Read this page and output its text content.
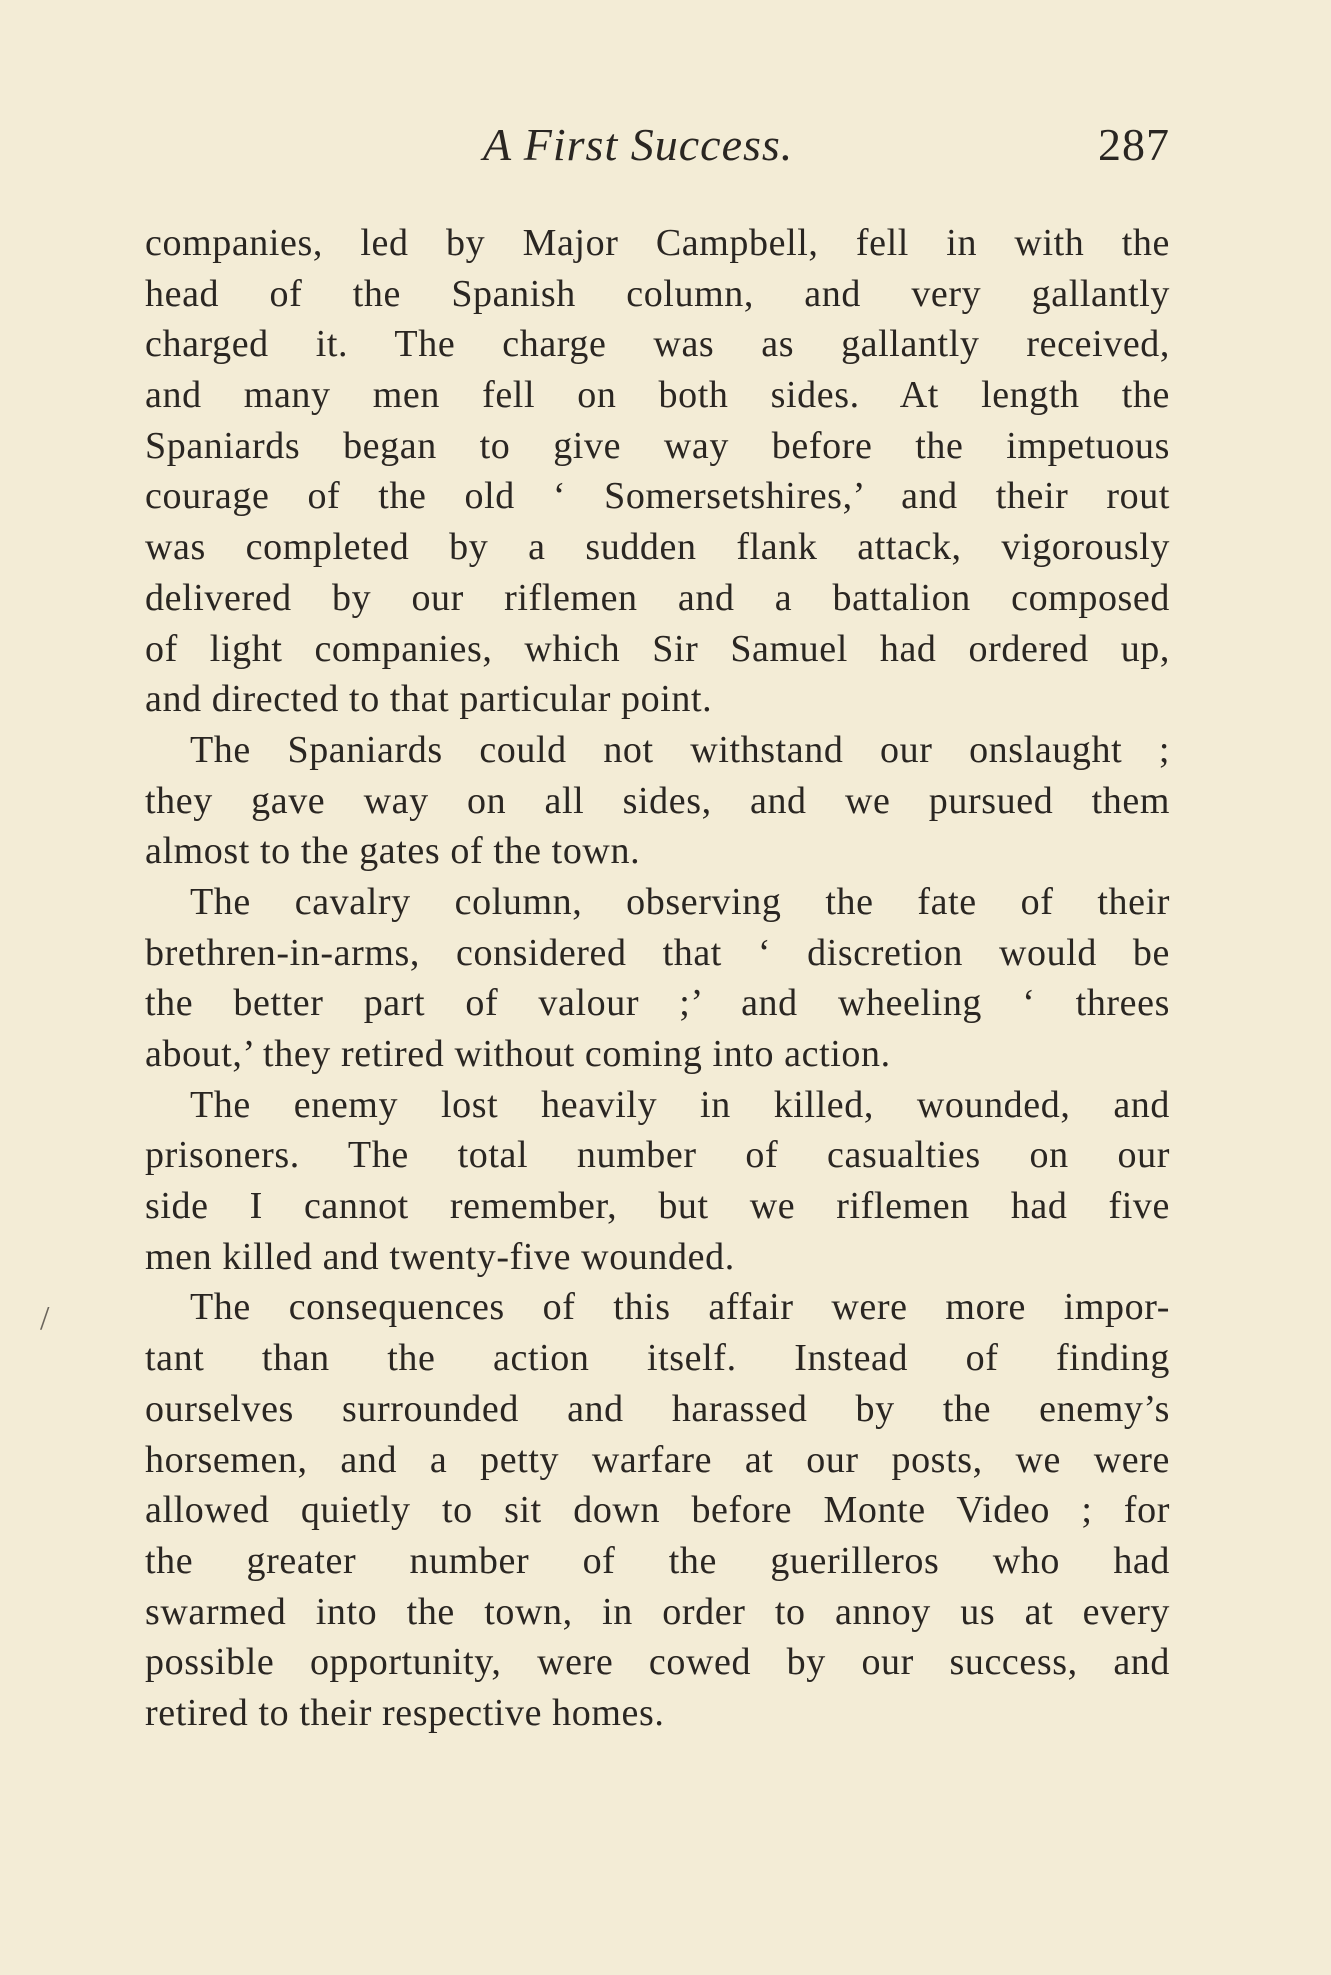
A First Success.	287
/
companies, led by Major Campbell, fell in with the
head of the Spanish column, and very gallantly
charged it. The charge was as gallantly received,
and many men fell on both sides. At length the
Spaniards began to give way before the impetuous
courage of the old ‘ Somersetshires,’ and their rout
was completed by a sudden flank attack, vigorously
delivered by our riflemen and a battalion composed
of light companies, which Sir Samuel had ordered up,
and directed to that particular point.
The Spaniards could not withstand our onslaught ;
they gave way on all sides, and we pursued them
almost to the gates of the town.
The cavalry column, observing the fate of their
brethren-in-arms, considered that ‘ discretion would be
the better part of valour ;’ and wheeling ‘ threes
about,’ they retired without coming into action.
The enemy lost heavily in killed, wounded, and
prisoners. The total number of casualties on our
side I cannot remember, but we riflemen had five
men killed and twenty-five wounded.
The consequences of this affair were more impor-
tant than the action itself. Instead of finding
ourselves surrounded and harassed by the enemy’s
horsemen, and a petty warfare at our posts, we were
allowed quietly to sit down before Monte Video ; for
the greater number of the guerilleros who had
swarmed into the town, in order to annoy us at every
possible opportunity, were cowed by our success, and
retired to their respective homes.
